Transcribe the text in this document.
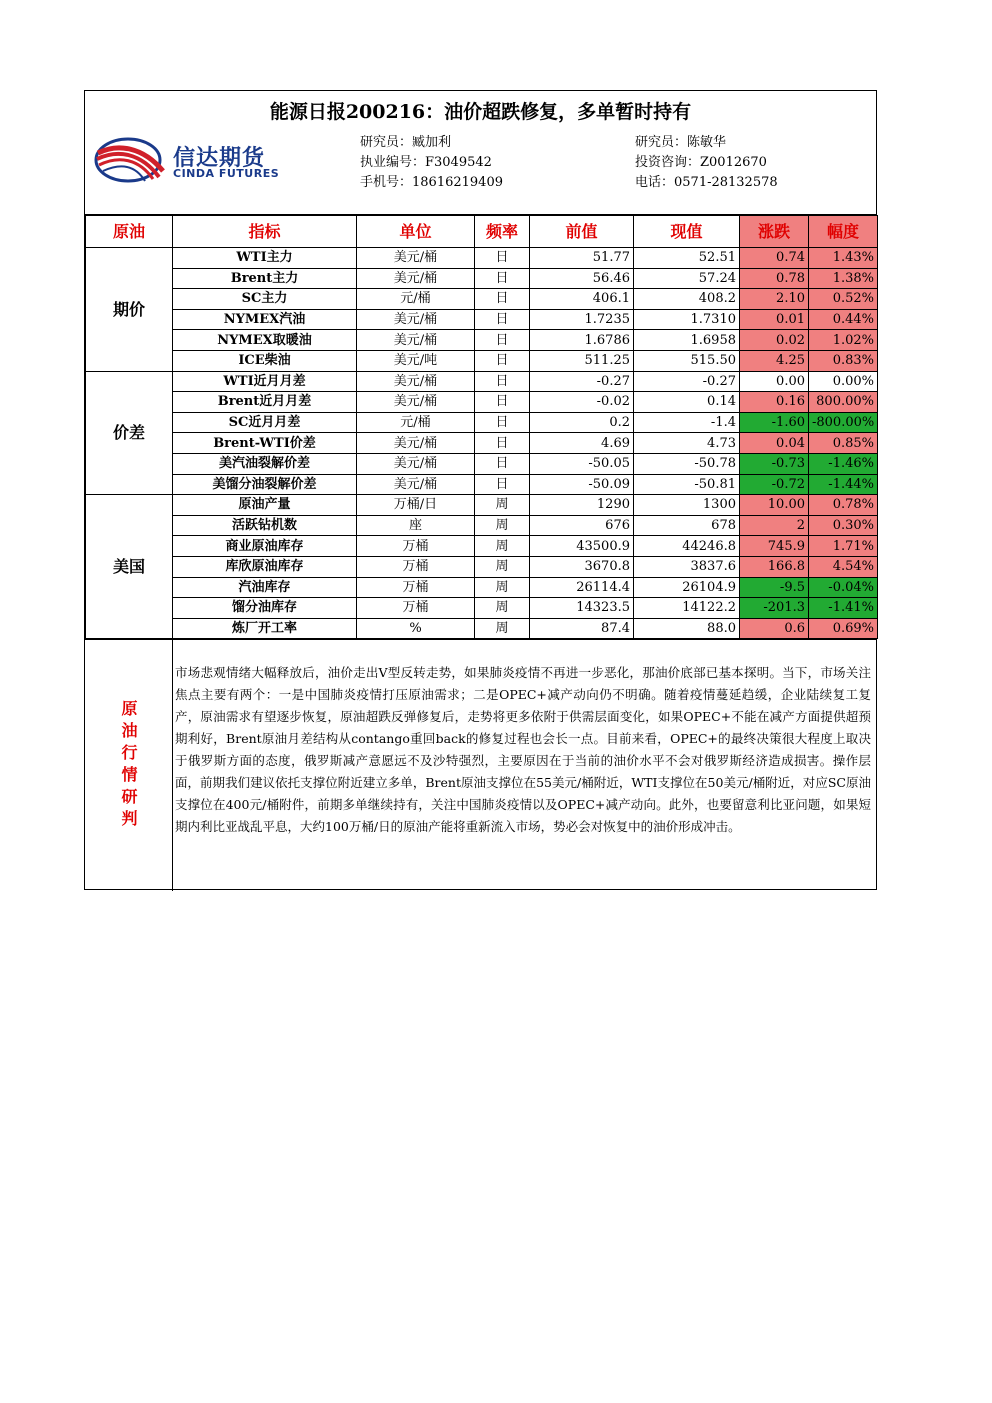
能源日报200216：油价超跌修复，多单暂时持有
信达期货
CINDA FUTURES
研究员：臧加利
执业编号：F3049542
手机号：18616219409
研究员：陈敏华
投资咨询：Z0012670
电话：0571-28132578
原油	指标	单位	频率	前值	现值	涨跌	幅度
期价	WTI主力	美元/桶	日	51.77	52.51	0.74	1.43%
	Brent主力	美元/桶	日	56.46	57.24	0.78	1.38%
	SC主力	元/桶	日	406.1	408.2	2.10	0.52%
	NYMEX汽油	美元/桶	日	1.7235	1.7310	0.01	0.44%
	NYMEX取暖油	美元/桶	日	1.6786	1.6958	0.02	1.02%
	ICE柴油	美元/吨	日	511.25	515.50	4.25	0.83%
价差	WTI近月月差	美元/桶	日	-0.27	-0.27	0.00	0.00%
	Brent近月月差	美元/桶	日	-0.02	0.14	0.16	800.00%
	SC近月月差	元/桶	日	0.2	-1.4	-1.60	-800.00%
	Brent-WTI价差	美元/桶	日	4.69	4.73	0.04	0.85%
	美汽油裂解价差	美元/桶	日	-50.05	-50.78	-0.73	-1.46%
	美馏分油裂解价差	美元/桶	日	-50.09	-50.81	-0.72	-1.44%
美国	原油产量	万桶/日	周	1290	1300	10.00	0.78%
	活跃钻机数	座	周	676	678	2	0.30%
	商业原油库存	万桶	周	43500.9	44246.8	745.9	1.71%
	库欣原油库存	万桶	周	3670.8	3837.6	166.8	4.54%
	汽油库存	万桶	周	26114.4	26104.9	-9.5	-0.04%
	馏分油库存	万桶	周	14323.5	14122.2	-201.3	-1.41%
	炼厂开工率	%	周	87.4	88.0	0.6	0.69%
原油行情研判
市场悲观情绪大幅释放后，油价走出V型反转走势，如果肺炎疫情不再进一步恶化，那油价底部已基本探明。当下，市场关注焦点主要有两个：一是中国肺炎疫情打压原油需求；二是OPEC+减产动向仍不明确。随着疫情蔓延趋缓，企业陆续复工复产，原油需求有望逐步恢复，原油超跌反弹修复后，走势将更多依附于供需层面变化，如果OPEC+不能在减产方面提供超预期利好，Brent原油月差结构从contango重回back的修复过程也会长一点。目前来看，OPEC+的最终决策很大程度上取决于俄罗斯方面的态度，俄罗斯减产意愿远不及沙特强烈，主要原因在于当前的油价水平不会对俄罗斯经济造成损害。操作层面，前期我们建议依托支撑位附近建立多单，Brent原油支撑位在55美元/桶附近，WTI支撑位在50美元/桶附近，对应SC原油支撑位在400元/桶附件，前期多单继续持有，关注中国肺炎疫情以及OPEC+减产动向。此外，也要留意利比亚问题，如果短期内利比亚战乱平息，大约100万桶/日的原油产能将重新流入市场，势必会对恢复中的油价形成冲击。
